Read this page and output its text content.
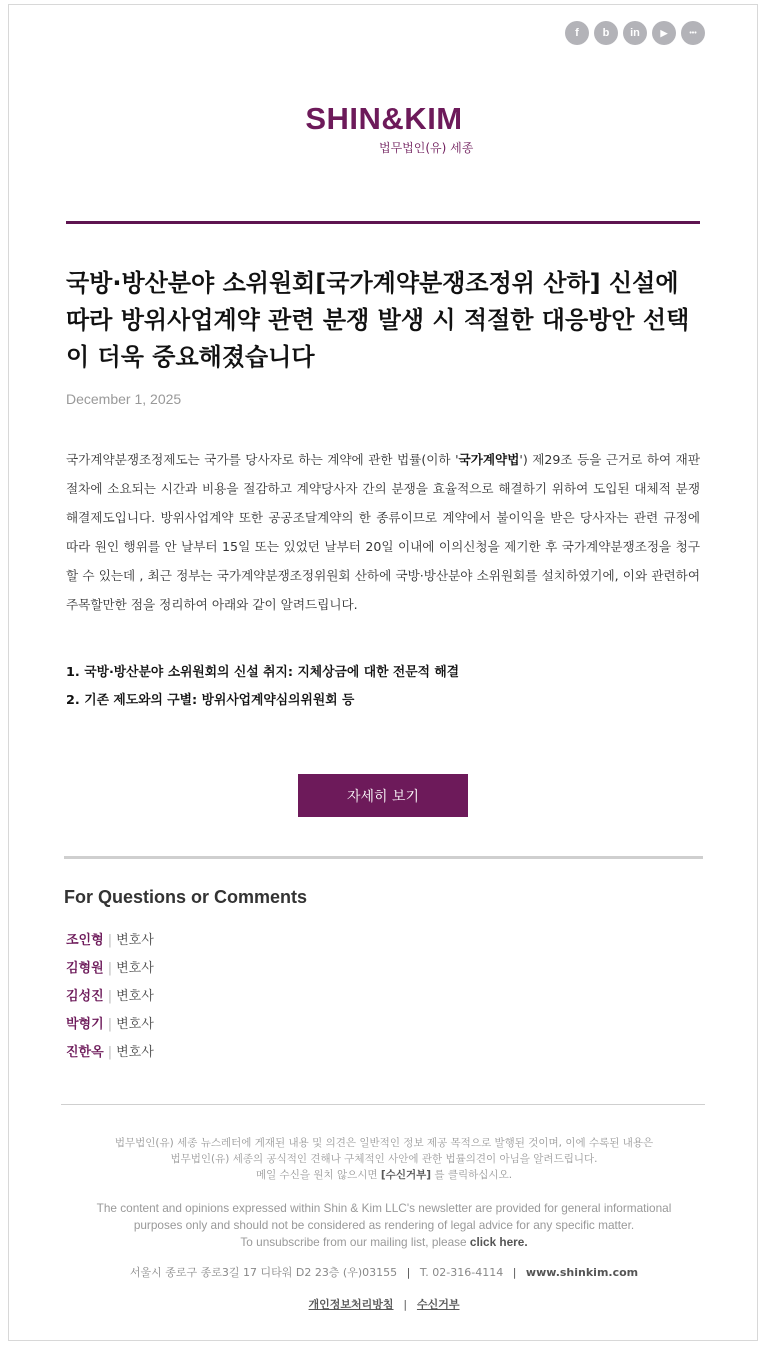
f	b	in	▶	•••
SHIN&KIM
법무법인(유) 세종
국방·방산분야 소위원회[국가계약분쟁조정위 산하] 신설에 따라 방위사업계약 관련 분쟁 발생 시 적절한 대응방안 선택이 더욱 중요해졌습니다
December 1, 2025
국가계약분쟁조정제도는 국가를 당사자로 하는 계약에 관한 법률(이하 '국가계약법') 제29조 등을 근거로 하여 재판절차에 소요되는 시간과 비용을 절감하고 계약당사자 간의 분쟁을 효율적으로 해결하기 위하여 도입된 대체적 분쟁해결제도입니다. 방위사업계약 또한 공공조달계약의 한 종류이므로 계약에서 불이익을 받은 당사자는 관련 규정에 따라 원인 행위를 안 날부터 15일 또는 있었던 날부터 20일 이내에 이의신청을 제기한 후 국가계약분쟁조정을 청구할 수 있는데 , 최근 정부는 국가계약분쟁조정위원회 산하에 국방·방산분야 소위원회를 설치하였기에, 이와 관련하여 주목할만한 점을 정리하여 아래와 같이 알려드립니다.
1. 국방·방산분야 소위원회의 신설 취지: 지체상금에 대한 전문적 해결
2. 기존 제도와의 구별: 방위사업계약심의위원회 등
자세히 보기
For Questions or Comments
조인형 | 변호사
김형원 | 변호사
김성진 | 변호사
박형기 | 변호사
진한옥 | 변호사
법무법인(유) 세종 뉴스레터에 게재된 내용 및 의견은 일반적인 정보 제공 목적으로 발행된 것이며, 이에 수록된 내용은
법무법인(유) 세종의 공식적인 견해나 구체적인 사안에 관한 법률의견이 아님을 알려드립니다.
메일 수신을 원치 않으시면 [수신거부] 를 클릭하십시오.
The content and opinions expressed within Shin & Kim LLC's newsletter are provided for general informational
purposes only and should not be considered as rendering of legal advice for any specific matter.
To unsubscribe from our mailing list, please click here.
서울시 종로구 종로3길 17 디타워 D2 23층 (우)03155 | T. 02-316-4114 | www.shinkim.com
개인정보처리방침 | 수신거부
